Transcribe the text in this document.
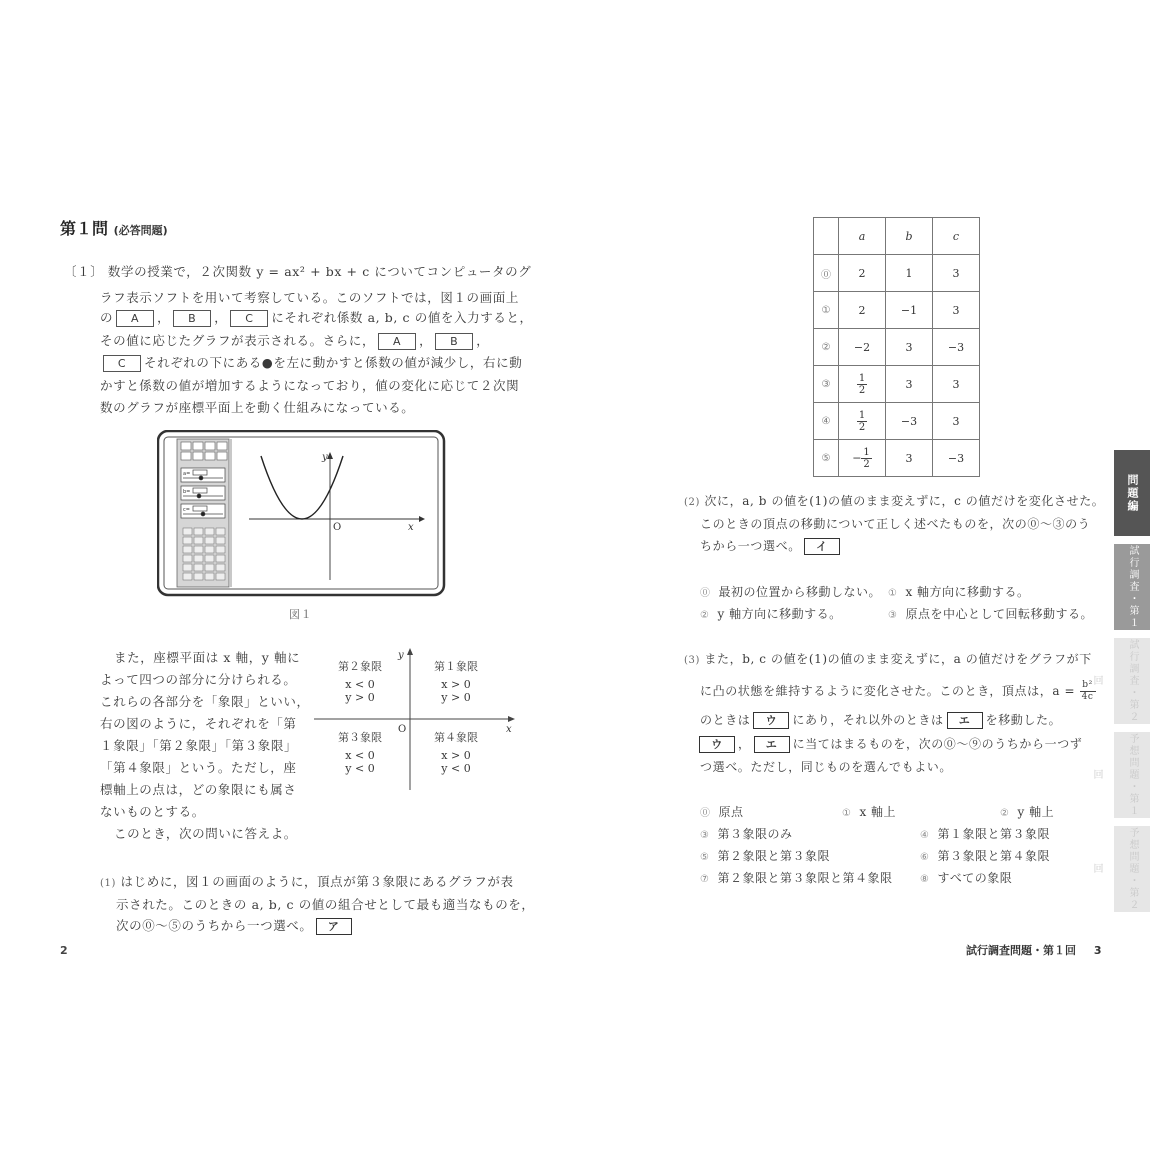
第１問 (必答問題)
〔１〕 数学の授業で，２次関数 y = ax² + bx + c についてコンピュータのグ
ラフ表示ソフトを用いて考察している。このソフトでは，図１の画面上
の A ， B ， C にそれぞれ係数 a, b, c の値を入力すると，
その値に応じたグラフが表示される。さらに， A ， B ，
C それぞれの下にある●を左に動かすと係数の値が減少し，右に動
かすと係数の値が増加するようになっており，値の変化に応じて２次関
数のグラフが座標平面上を動く仕組みになっている。
a=
b=
c=
y
x
O
図１
また，座標平面は x 軸，y 軸に
よって四つの部分に分けられる。
これらの各部分を「象限」といい，
右の図のように，それぞれを「第
１象限」「第２象限」「第３象限」
「第４象限」という。ただし，座
標軸上の点は，どの象限にも属さ
ないものとする。
このとき，次の問いに答えよ。
y
x
O
第２象限
x < 0
y > 0
第１象限
x > 0
y > 0
第３象限
x < 0
y < 0
第４象限
x > 0
y < 0
(1) はじめに，図１の画面のように，頂点が第３象限にあるグラフが表
示された。このときの a, b, c の値の組合せとして最も適当なものを，
次の⓪〜⑤のうちから一つ選べ。 ア
2
	a	b	c
⓪	2	1	3
①	2	−1	3
②	−2	3	−3
③	$\frac{1}{2}$	3	3
④	$\frac{1}{2}$	−3	3
⑤	− $\frac{1}{2}$	3	−3
(2) 次に，a, b の値を(1)の値のまま変えずに，c の値だけを変化させた。
このときの頂点の移動について正しく述べたものを，次の⓪〜③のう
ちから一つ選べ。 イ
⓪ 最初の位置から移動しない。 ① x 軸方向に移動する。
② y 軸方向に移動する。	③ 原点を中心として回転移動する。
(3) また，b, c の値を(1)の値のまま変えずに，a の値だけをグラフが下
に凸の状態を維持するように変化させた。このとき，頂点は，a = 4c
のときは ウ にあり，それ以外のときは エ を移動した。
ウ ， エ に当てはまるものを，次の⓪〜⑨のうちから一つず
つ選べ。ただし，同じものを選んでもよい。
⓪ 原点	① x 軸上	② y 軸上
③ 第３象限のみ	④ 第１象限と第３象限
⑤ 第２象限と第３象限	⑥ 第３象限と第４象限
⑦ 第２象限と第３象限と第４象限	⑧ すべての象限
試行調査問題・第１回 3
問題編
試行調査・第１回
試行調査・第２回
予想問題・第１回
予想問題・第２回
